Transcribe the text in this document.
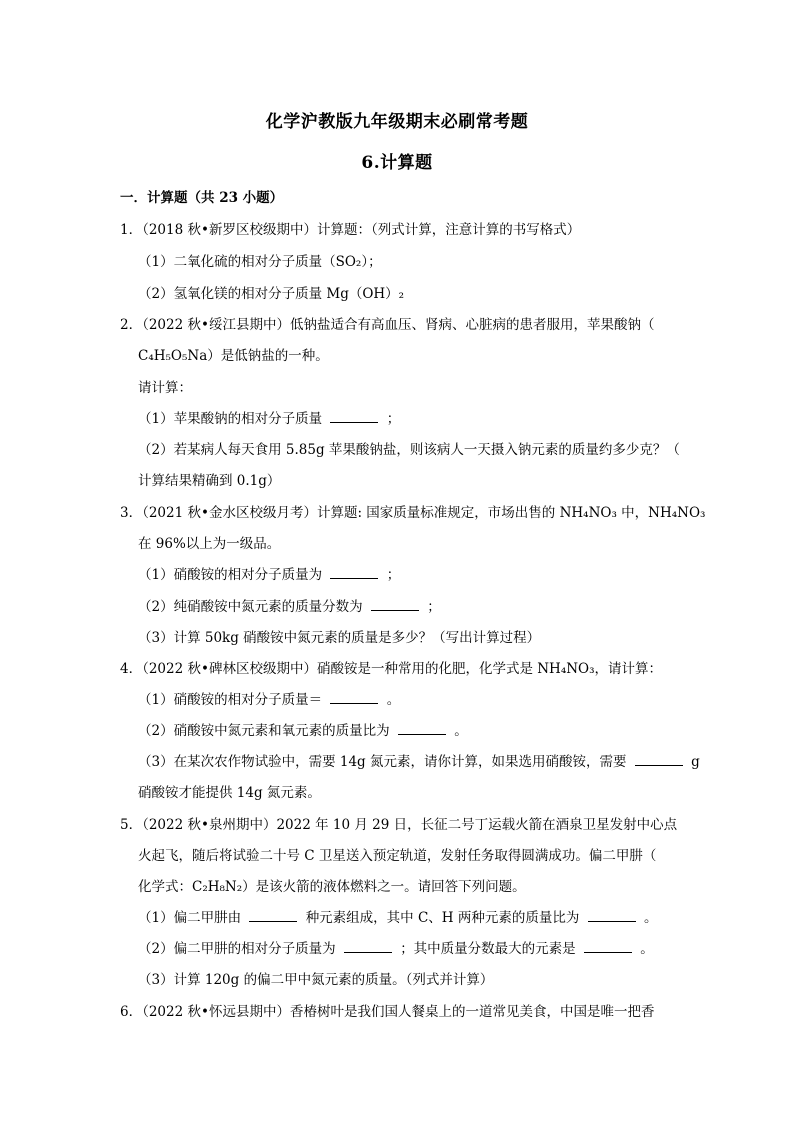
化学沪教版九年级期末必刷常考题
6.计算题
一．计算题（共 23 小题）
1．（2018 秋•新罗区校级期中）计算题：（列式计算，注意计算的书写格式）
（1）二氧化硫的相对分子质量（SO₂）；
（2）氢氧化镁的相对分子质量 Mg（OH）₂
2．（2022 秋•绥江县期中）低钠盐适合有高血压、肾病、心脏病的患者服用，苹果酸钠（
C₄H₅O₅Na）是低钠盐的一种。
请计算：
（1）苹果酸钠的相对分子质量	；
（2）若某病人每天食用 5.85g 苹果酸钠盐，则该病人一天摄入钠元素的质量约多少克？（
计算结果精确到 0.1g）
3．（2021 秋•金水区校级月考）计算题: 国家质量标准规定，市场出售的 NH₄NO₃ 中，NH₄NO₃
在 96%以上为一级品。
（1）硝酸铵的相对分子质量为	；
（2）纯硝酸铵中氮元素的质量分数为	；
（3）计算 50kg 硝酸铵中氮元素的质量是多少？（写出计算过程）
4．（2022 秋•碑林区校级期中）硝酸铵是一种常用的化肥，化学式是 NH₄NO₃，请计算：
（1）硝酸铵的相对分子质量＝	。
（2）硝酸铵中氮元素和氧元素的质量比为	。
（3）在某次农作物试验中，需要 14g 氮元素，请你计算，如果选用硝酸铵，需要	g
硝酸铵才能提供 14g 氮元素。
5．（2022 秋•泉州期中）2022 年 10 月 29 日，长征二号丁运载火箭在酒泉卫星发射中心点
火起飞，随后将试验二十号 C 卫星送入预定轨道，发射任务取得圆满成功。偏二甲肼（
化学式：C₂H₈N₂）是该火箭的液体燃料之一。请回答下列问题。
（1）偏二甲肼由	种元素组成，其中 C、H 两种元素的质量比为	。
（2）偏二甲肼的相对分子质量为	；其中质量分数最大的元素是	。
（3）计算 120g 的偏二甲中氮元素的质量。（列式并计算）
6．（2022 秋•怀远县期中）香椿树叶是我们国人餐桌上的一道常见美食，中国是唯一把香
